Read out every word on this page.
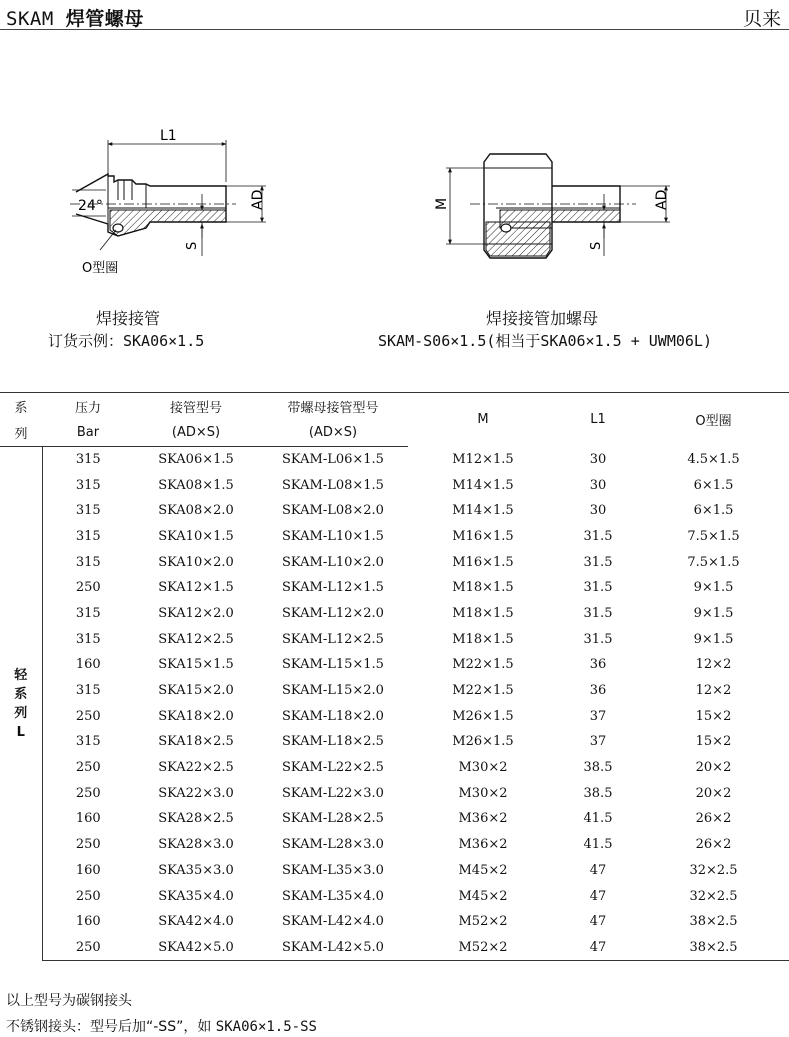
SKAM 焊管螺母	贝来
L1
24°	AD
S
O型圈
M	AD
S
焊接接管
订货示例：SKA06×1.5
焊接接管加螺母
SKAM-S06×1.5(相当于SKA06×1.5 + UWM06L)
系	压力	接管型号	带螺母接管型号	M	L1	O型圈
列	Bar	(AD×S)	(AD×S)			
轻系列L	315	SKA06×1.5	SKAM-L06×1.5	M12×1.5	30	4.5×1.5
	315	SKA08×1.5	SKAM-L08×1.5	M14×1.5	30	6×1.5
	315	SKA08×2.0	SKAM-L08×2.0	M14×1.5	30	6×1.5
	315	SKA10×1.5	SKAM-L10×1.5	M16×1.5	31.5	7.5×1.5
	315	SKA10×2.0	SKAM-L10×2.0	M16×1.5	31.5	7.5×1.5
	250	SKA12×1.5	SKAM-L12×1.5	M18×1.5	31.5	9×1.5
	315	SKA12×2.0	SKAM-L12×2.0	M18×1.5	31.5	9×1.5
	315	SKA12×2.5	SKAM-L12×2.5	M18×1.5	31.5	9×1.5
	160	SKA15×1.5	SKAM-L15×1.5	M22×1.5	36	12×2
	315	SKA15×2.0	SKAM-L15×2.0	M22×1.5	36	12×2
	250	SKA18×2.0	SKAM-L18×2.0	M26×1.5	37	15×2
	315	SKA18×2.5	SKAM-L18×2.5	M26×1.5	37	15×2
	250	SKA22×2.5	SKAM-L22×2.5	M30×2	38.5	20×2
	250	SKA22×3.0	SKAM-L22×3.0	M30×2	38.5	20×2
	160	SKA28×2.5	SKAM-L28×2.5	M36×2	41.5	26×2
	250	SKA28×3.0	SKAM-L28×3.0	M36×2	41.5	26×2
	160	SKA35×3.0	SKAM-L35×3.0	M45×2	47	32×2.5
	250	SKA35×4.0	SKAM-L35×4.0	M45×2	47	32×2.5
	160	SKA42×4.0	SKAM-L42×4.0	M52×2	47	38×2.5
	250	SKA42×5.0	SKAM-L42×5.0	M52×2	47	38×2.5
以上型号为碳钢接头
不锈钢接头：型号后加“-SS”，如 SKA06×1.5-SS
